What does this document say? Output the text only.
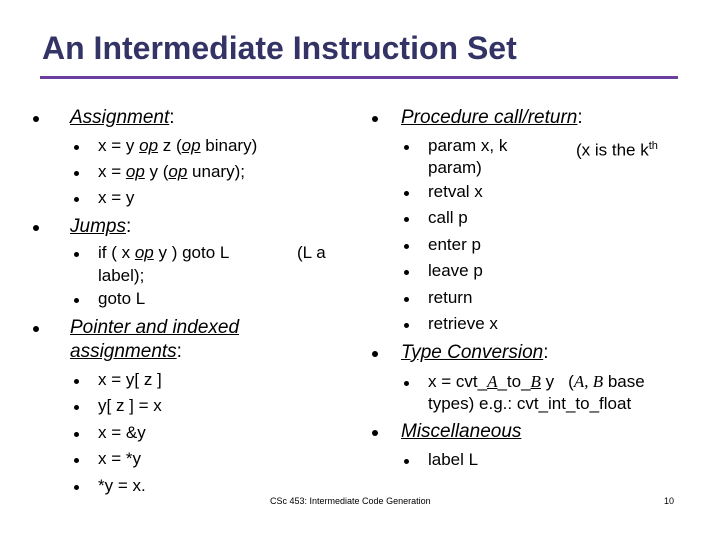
An Intermediate Instruction Set
Assignment:
x = y op z (op binary)
x = op y (op unary);
x = y
Jumps:
if ( x op y ) goto L	(L a
label);
goto L
Pointer and indexed
assignments:
x = y[ z ]
y[ z ] = x
x = &y
x = *y
*y = x.
Procedure call/return:
param x, k	(x is the $k^{th}$
param)
retval x
call p
enter p
leave p
return
retrieve x
Type Conversion:
x = cvt_A_to_B y (A, B base
types) e.g.: cvt_int_to_float
Miscellaneous
label L
CSc 453: Intermediate Code Generation	10
